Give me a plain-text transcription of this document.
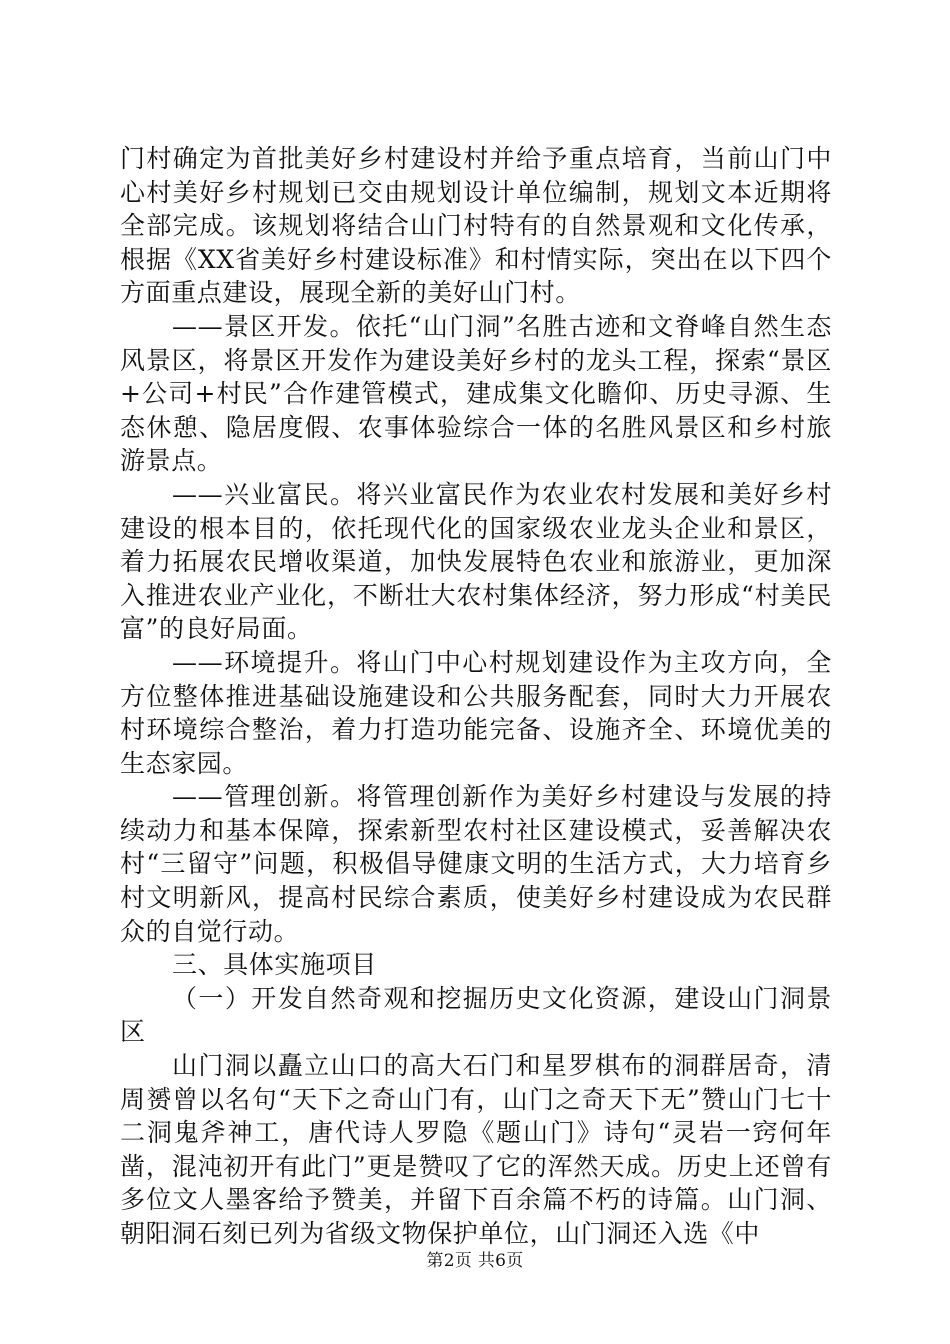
门村确定为首批美好乡村建设村并给予重点培育，当前山门中心村美好乡村规划已交由规划设计单位编制，规划文本近期将全部完成。该规划将结合山门村特有的自然景观和文化传承，根据《XX省美好乡村建设标准》和村情实际，突出在以下四个方面重点建设，展现全新的美好山门村。

——景区开发。依托“山门洞”名胜古迹和文脊峰自然生态风景区，将景区开发作为建设美好乡村的龙头工程，探索“景区+公司+村民”合作建管模式，建成集文化瞻仰、历史寻源、生态休憩、隐居度假、农事体验综合一体的名胜风景区和乡村旅游景点。

——兴业富民。将兴业富民作为农业农村发展和美好乡村建设的根本目的，依托现代化的国家级农业龙头企业和景区，着力拓展农民增收渠道，加快发展特色农业和旅游业，更加深入推进农业产业化，不断壮大农村集体经济，努力形成“村美民富”的良好局面。

——环境提升。将山门中心村规划建设作为主攻方向，全方位整体推进基础设施建设和公共服务配套，同时大力开展农村环境综合整治，着力打造功能完备、设施齐全、环境优美的生态家园。

——管理创新。将管理创新作为美好乡村建设与发展的持续动力和基本保障，探索新型农村社区建设模式，妥善解决农村“三留守”问题，积极倡导健康文明的生活方式，大力培育乡村文明新风，提高村民综合素质，使美好乡村建设成为农民群众的自觉行动。

三、具体实施项目

（一）开发自然奇观和挖掘历史文化资源，建设山门洞景区

山门洞以矗立山口的高大石门和星罗棋布的洞群居奇，清周赟曾以名句“天下之奇山门有，山门之奇天下无”赞山门七十二洞鬼斧神工，唐代诗人罗隐《题山门》诗句“灵岩一窍何年凿，混沌初开有此门”更是赞叹了它的浑然天成。历史上还曾有多位文人墨客给予赞美，并留下百余篇不朽的诗篇。山门洞、朝阳洞石刻已列为省级文物保护单位，山门洞还入选《中

第2页 共6页
